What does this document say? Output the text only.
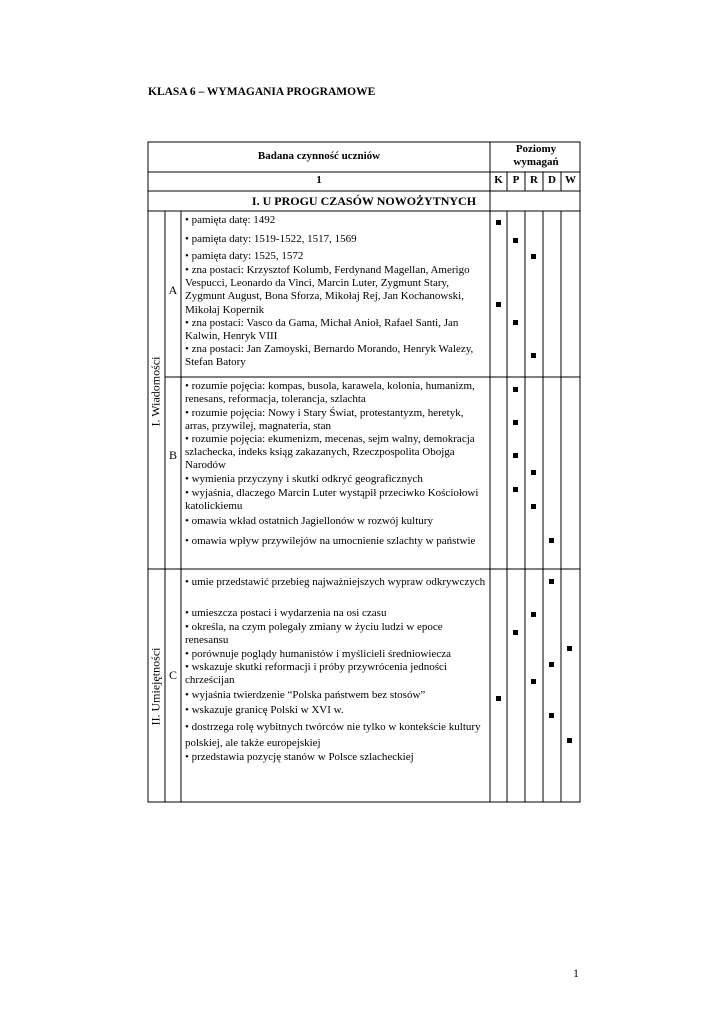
KLASA 6 – WYMAGANIA PROGRAMOWE
Badana czynność uczniów
Poziomy wymagań
1	K P R D W
I. U PROGU CZASÓW NOWOŻYTNYCH
I. Wiadomości
II. Umiejętności
A
B
C
• pamięta datę: 1492
• pamięta daty: 1519-1522, 1517, 1569
• pamięta daty: 1525, 1572
• zna postaci: Krzysztof Kolumb, Ferdynand Magellan, Amerigo Vespucci, Leonardo da Vinci, Marcin Luter, Zygmunt Stary, Zygmunt August, Bona Sforza, Mikołaj Rej, Jan Kochanowski, Mikołaj Kopernik
• zna postaci: Vasco da Gama, Michał Anioł, Rafael Santi, Jan Kalwin, Henryk VIII
• zna postaci: Jan Zamoyski, Bernardo Morando, Henryk Walezy, Stefan Batory
• rozumie pojęcia: kompas, busola, karawela, kolonia, humanizm, renesans, reformacja, tolerancja, szlachta
• rozumie pojęcia: Nowy i Stary Świat, protestantyzm, heretyk, arras, przywilej, magnateria, stan
• rozumie pojęcia: ekumenizm, mecenas, sejm walny, demokracja szlachecka, indeks ksiąg zakazanych, Rzeczpospolita Obojga Narodów
• wymienia przyczyny i skutki odkryć geograficznych
• wyjaśnia, dlaczego Marcin Luter wystąpił przeciwko Kościołowi katolickiemu
• omawia wkład ostatnich Jagiellonów w rozwój kultury
• omawia wpływ przywilejów na umocnienie szlachty w państwie
• umie przedstawić przebieg najważniejszych wypraw odkrywczych
• umieszcza postaci i wydarzenia na osi czasu
• określa, na czym polegały zmiany w życiu ludzi w epoce renesansu
• porównuje poglądy humanistów i myślicieli średniowiecza
• wskazuje skutki reformacji i próby przywrócenia jedności chrześcijan
• wyjaśnia twierdzenie “Polska państwem bez stosów”
• wskazuje granicę Polski w XVI w.
• dostrzega rolę wybitnych twórców nie tylko w kontekście kultury polskiej, ale także europejskiej
• przedstawia pozycję stanów w Polsce szlacheckiej
1
